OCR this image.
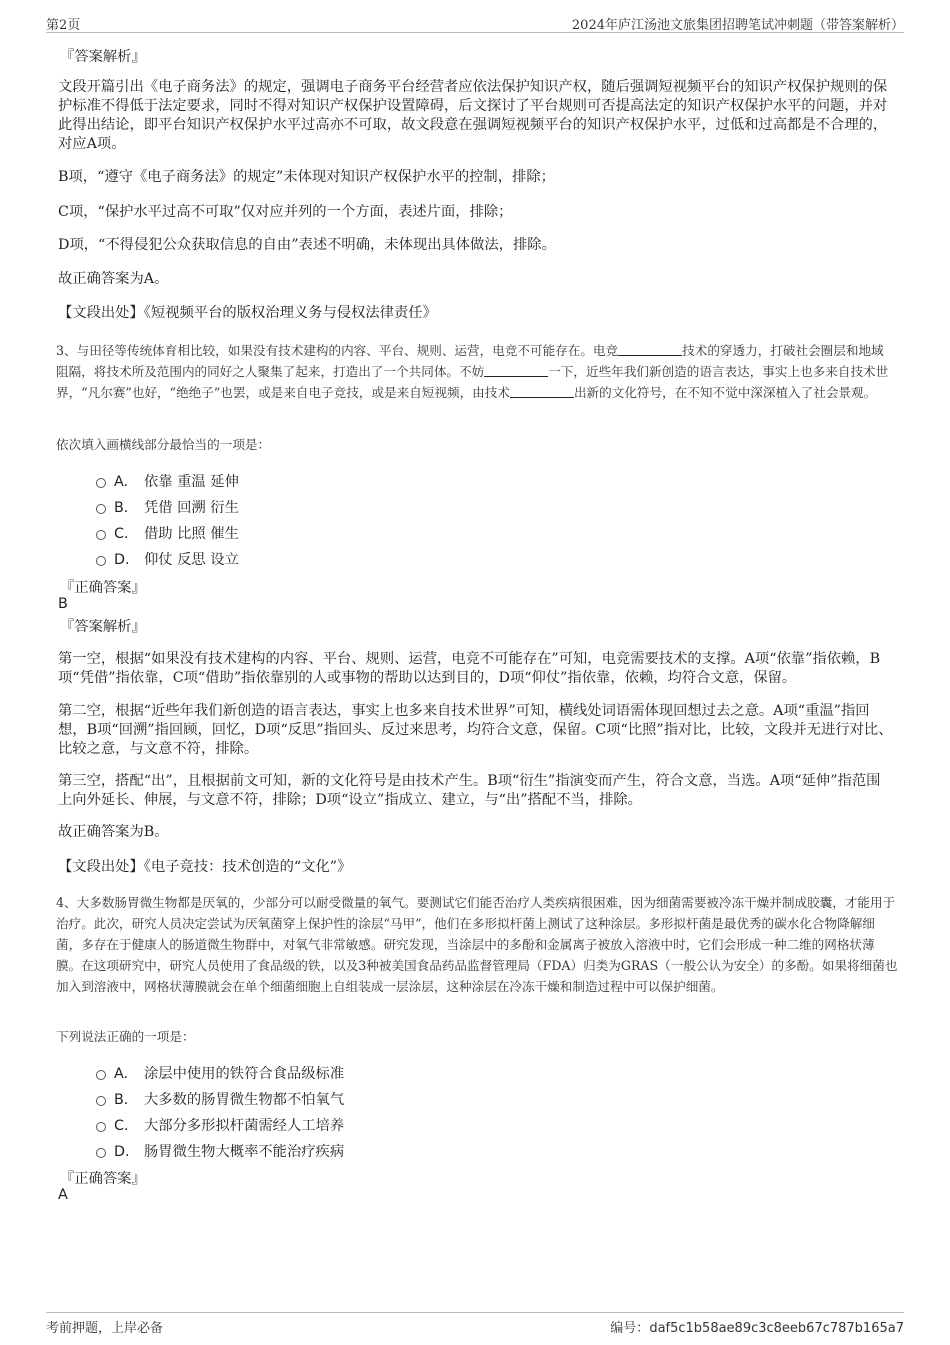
第2页	2024年庐江汤池文旅集团招聘笔试冲刺题（带答案解析）
『答案解析』

文段开篇引出《电子商务法》的规定，强调电子商务平台经营者应依法保护知识产权，随后强调短视频平台的知识产权保护规则的保护标准不得低于法定要求，同时不得对知识产权保护设置障碍，后文探讨了平台规则可否提高法定的知识产权保护水平的问题，并对此得出结论，即平台知识产权保护水平过高亦不可取，故文段意在强调短视频平台的知识产权保护水平，过低和过高都是不合理的，对应A项。

B项，“遵守《电子商务法》的规定”未体现对知识产权保护水平的控制，排除；

C项，“保护水平过高不可取”仅对应并列的一个方面，表述片面，排除；

D项，“不得侵犯公众获取信息的自由”表述不明确，未体现出具体做法，排除。

故正确答案为A。

【文段出处】《短视频平台的版权治理义务与侵权法律责任》

3、与田径等传统体育相比较，如果没有技术建构的内容、平台、规则、运营，电竞不可能存在。电竞	技术的穿透力，打破社会圈层和地域阻隔，将技术所及范围内的同好之人聚集了起来，打造出了一个共同体。不妨	一下，近些年我们新创造的语言表达，事实上也多来自技术世界，“凡尔赛”也好，“绝绝子”也罢，或是来自电子竞技，或是来自短视频，由技术	出新的文化符号，在不知不觉中深深植入了社会景观。

依次填入画横线部分最恰当的一项是：

A. 依靠 重温 延伸
B. 凭借 回溯 衍生
C. 借助 比照 催生
D. 仰仗 反思 设立
『正确答案』
B
『答案解析』

第一空，根据“如果没有技术建构的内容、平台、规则、运营，电竞不可能存在”可知，电竞需要技术的支撑。A项“依靠”指依赖，B项“凭借”指依靠，C项“借助”指依靠别的人或事物的帮助以达到目的，D项“仰仗”指依靠，依赖，均符合文意，保留。

第二空，根据“近些年我们新创造的语言表达，事实上也多来自技术世界”可知，横线处词语需体现回想过去之意。A项“重温”指回想，B项“回溯”指回顾，回忆，D项“反思”指回头、反过来思考，均符合文意，保留。C项“比照”指对比，比较，文段并无进行对比、比较之意，与文意不符，排除。

第三空，搭配“出”，且根据前文可知，新的文化符号是由技术产生。B项“衍生”指演变而产生，符合文意，当选。A项“延伸”指范围上向外延长、伸展，与文意不符，排除；D项“设立”指成立、建立，与“出”搭配不当，排除。

故正确答案为B。

【文段出处】《电子竞技：技术创造的“文化”》

4、大多数肠胃微生物都是厌氧的，少部分可以耐受微量的氧气。要测试它们能否治疗人类疾病很困难，因为细菌需要被冷冻干燥并制成胶囊，才能用于治疗。此次，研究人员决定尝试为厌氧菌穿上保护性的涂层“马甲”，他们在多形拟杆菌上测试了这种涂层。多形拟杆菌是最优秀的碳水化合物降解细菌，多存在于健康人的肠道微生物群中，对氧气非常敏感。研究发现，当涂层中的多酚和金属离子被放入溶液中时，它们会形成一种二维的网格状薄膜。在这项研究中，研究人员使用了食品级的铁，以及3种被美国食品药品监督管理局（FDA）归类为GRAS（一般公认为安全）的多酚。如果将细菌也加入到溶液中，网格状薄膜就会在单个细菌细胞上自组装成一层涂层，这种涂层在冷冻干燥和制造过程中可以保护细菌。

下列说法正确的一项是：

A. 涂层中使用的铁符合食品级标准
B. 大多数的肠胃微生物都不怕氧气
C. 大部分多形拟杆菌需经人工培养
D. 肠胃微生物大概率不能治疗疾病
『正确答案』
A
考前押题，上岸必备	编号：daf5c1b58ae89c3c8eeb67c787b165a7
